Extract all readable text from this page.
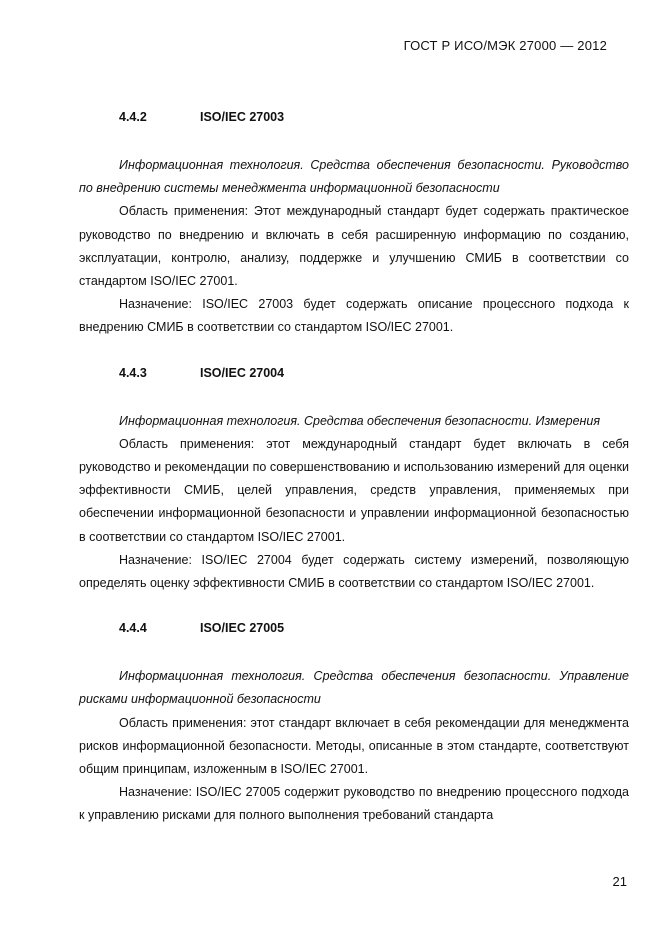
ГОСТ Р ИСО/МЭК 27000 — 2012
4.4.2	ISO/IEC 27003

Информационная технология. Средства обеспечения безопасности. Руководство по внедрению системы менеджмента информационной безопасности

Область применения: Этот международный стандарт будет содержать практическое руководство по внедрению и включать в себя расширенную информацию по созданию, эксплуатации, контролю, анализу, поддержке и улучшению СМИБ в соответствии со стандартом ISO/IEC 27001.

Назначение: ISO/IEC 27003 будет содержать описание процессного подхода к внедрению СМИБ в соответствии со стандартом ISO/IEC 27001.

4.4.3	ISO/IEC 27004

Информационная технология. Средства обеспечения безопасности. Измерения

Область применения: этот международный стандарт будет включать в себя руководство и рекомендации по совершенствованию и использованию измерений для оценки эффективности СМИБ, целей управления, средств управления, применяемых при обеспечении информационной безопасности и управлении информационной безопасностью в соответствии со стандартом ISO/IEC 27001.

Назначение: ISO/IEC 27004 будет содержать систему измерений, позволяющую определять оценку эффективности СМИБ в соответствии со стандартом ISO/IEC 27001.

4.4.4	ISO/IEC 27005

Информационная технология. Средства обеспечения безопасности. Управление рисками информационной безопасности

Область применения: этот стандарт включает в себя рекомендации для менеджмента рисков информационной безопасности. Методы, описанные в этом стандарте, соответствуют общим принципам, изложенным в ISO/IEC 27001.

Назначение: ISO/IEC 27005 содержит руководство по внедрению процессного подхода к управлению рисками для полного выполнения требований стандарта

21
